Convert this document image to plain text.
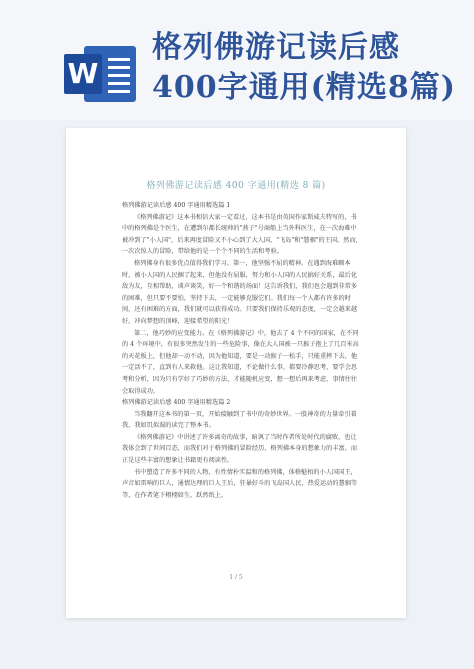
W
格列佛游记读后感
400字通用(精选8篇)
格列佛游记读后感 400 字通用(精选 8 篇)

格列佛游记读后感 400 字通用精选篇 1

《格列佛游记》这本书相信大家一定看过，这本书是由英国作家斯威夫特写的，书中的格列佛是个医生，在遭到尔都长统帅的"燕子"号商船上当外科医生，在一次海难中被冲到了"小人国"，后来再度冒险又不小心到了大人国、"飞岛"和"慧骃"的王国。然而，一次次惊人的冒险，带给他的是一个个不同的生活和考验。

格列佛身有很多优点值得我们学习。第一，他坚强不屈的精神。在遇到海难顺本时，被小人国的人民捆了起来，但他没有屈服，努力和小人国的人民搞好关系，最后化敌为友，互相帮助，谈声谈笑，好一个和谐的场面！这告诉我们，我们也会遇到非常多的困难，但只要不要怕，坚持下去，一定能够克服它们。我们每一个人都有许多的时间，还有困难的方面，我们就可以获得成功。只要我们保持乐观的态度，一定会越来越好，冲向梦想的顶峰，迎接希望的阳光！

第二，他巧妙的应变能力。在《格列佛游记》中，他去了 4 个不同的国家，在不同的 4 个环境中，有很多突然发生的一些危险事，像在大人国被一只猴子抱上了几百米高的天花板上，但他却一动不动，因为他知道，要是一动猴子一松手，只能重摔下去，他一定活不了，直到有人来救他。这让我知道，不论做什么事，都要冷静思考，要学会思考和分析，因为只有学好了巧妙的方法，才能随机应变，想一想后再来考虑，事情往往会取得成功。

格列佛游记读后感 400 字通用精选篇 2

当我翻开这本书的第一页，开始接触到了书中的奇妙世界。一股神奇的力量牵引着我，我如饥似渴的读完了整本书。

《格列佛游记》中讲述了许多离奇的故事，暗讽了当时作者所处时代的腐败，也让我体会到了世间百态，而我们对于格列佛的冒险经历，格列佛本身的想象力的丰富，而正是这些丰富的想象让书籍更有阅读性。

书中塑造了许多不同的人物，有性情朴实温和的格列佛，体格魁梧的小人国国王，声音如雷响的巨人，通情达理的巨人王后，狂暴好斗的飞岛国人民，热爱运动的慧骃等等，在作者笔下栩栩如生，跃然纸上。

1 / 5
